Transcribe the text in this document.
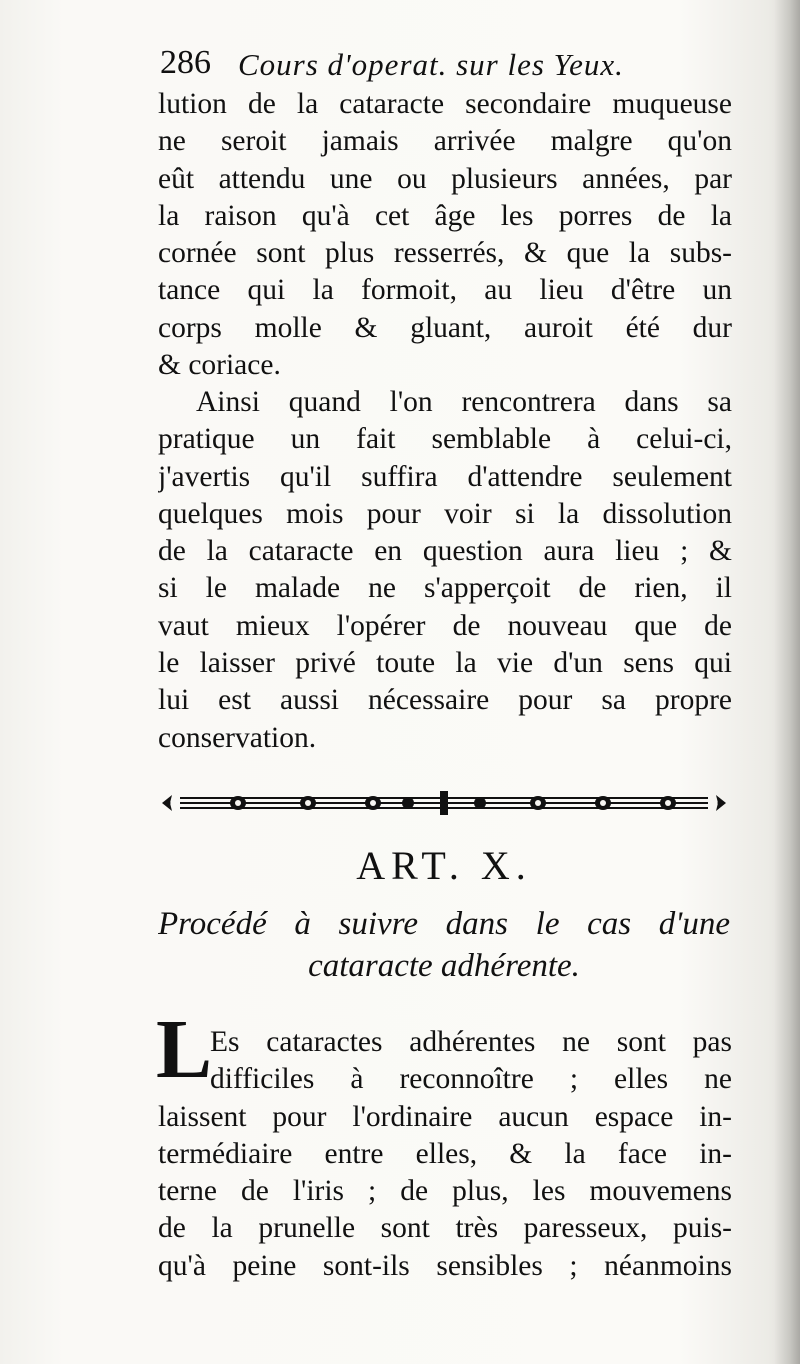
286 Cours d'operat. sur les Yeux.
lution de la cataracte secondaire muqueuse
ne seroit jamais arrivée malgre qu'on
eût attendu une ou plusieurs années, par
la raison qu'à cet âge les porres de la
cornée sont plus resserrés, & que la subs-
tance qui la formoit, au lieu d'être un
corps molle & gluant, auroit été dur
& coriace.
Ainsi quand l'on rencontrera dans sa
pratique un fait semblable à celui-ci,
j'avertis qu'il suffira d'attendre seulement
quelques mois pour voir si la dissolution
de la cataracte en question aura lieu ; &
si le malade ne s'apperçoit de rien, il
vaut mieux l'opérer de nouveau que de
le laisser privé toute la vie d'un sens qui
lui est aussi nécessaire pour sa propre
conservation.
ART. X.
Procédé à suivre dans le cas d'une
cataracte adhérente.
L
Es cataractes adhérentes ne sont pas
difficiles à reconnoître ; elles ne
laissent pour l'ordinaire aucun espace in-
termédiaire entre elles, & la face in-
terne de l'iris ; de plus, les mouvemens
de la prunelle sont très paresseux, puis-
qu'à peine sont-ils sensibles ; néanmoins
